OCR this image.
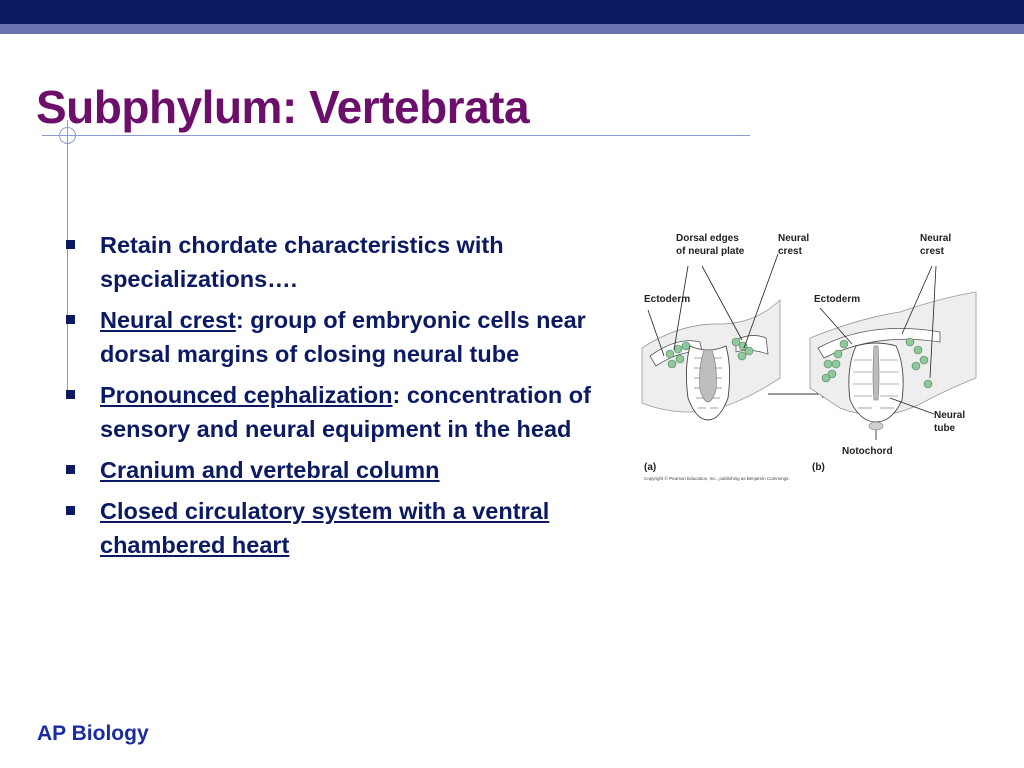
Subphylum: Vertebrata
Retain chordate characteristics with specializations….
Neural crest: group of embryonic cells near dorsal margins of closing neural tube
Pronounced cephalization: concentration of sensory and neural equipment in the head
Cranium and vertebral column
Closed circulatory system with a ventral chambered heart
Dorsal edges
of neural plate
Neural
crest
Neural
crest
Ectoderm	Ectoderm
Neural
tube
Notochord
(a)	(b)
Copyright © Pearson Education, Inc., publishing as Benjamin Cummings.
AP Biology
